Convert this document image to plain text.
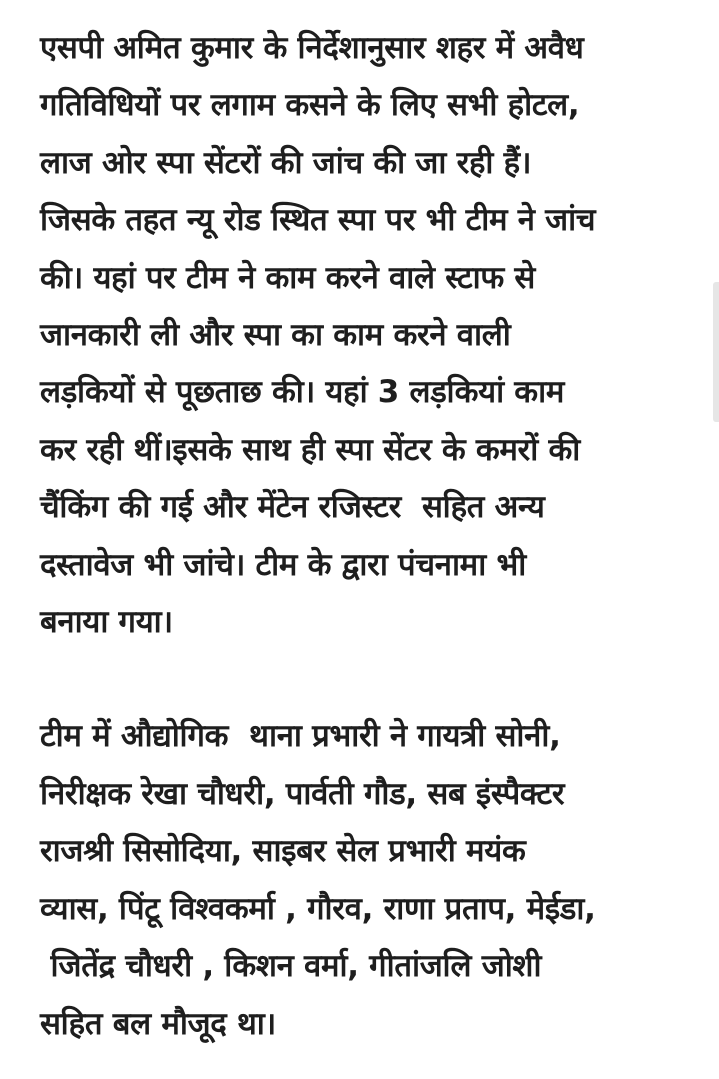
एसपी अमित कुमार के निर्देशानुसार शहर में अवैध
गतिविधियों पर लगाम कसने के लिए सभी होटल,
लाज ओर स्पा सेंटरों की जांच की जा रही हैं।
जिसके तहत न्यू रोड स्थित स्पा पर भी टीम ने जांच
की। यहां पर टीम ने काम करने वाले स्टाफ से
जानकारी ली और स्पा का काम करने वाली
लड़कियों से पूछताछ की। यहां 3 लड़कियां काम
कर रही थीं।इसके साथ ही स्पा सेंटर के कमरों की
चैंकिंग की गई और मेंटेन रजिस्टर  सहित अन्य
दस्तावेज भी जांचे। टीम के द्वारा पंचनामा भी
बनाया गया।

टीम में औद्योगिक  थाना प्रभारी ने गायत्री सोनी,
निरीक्षक रेखा चौधरी, पार्वती गौड, सब इंस्पैक्टर
राजश्री सिसोदिया, साइबर सेल प्रभारी मयंक
व्यास, पिंटू विश्वकर्मा , गौरव, राणा प्रताप, मेईडा,
जितेंद्र चौधरी , किशन वर्मा, गीतांजलि जोशी
सहित बल मौजूद था।
